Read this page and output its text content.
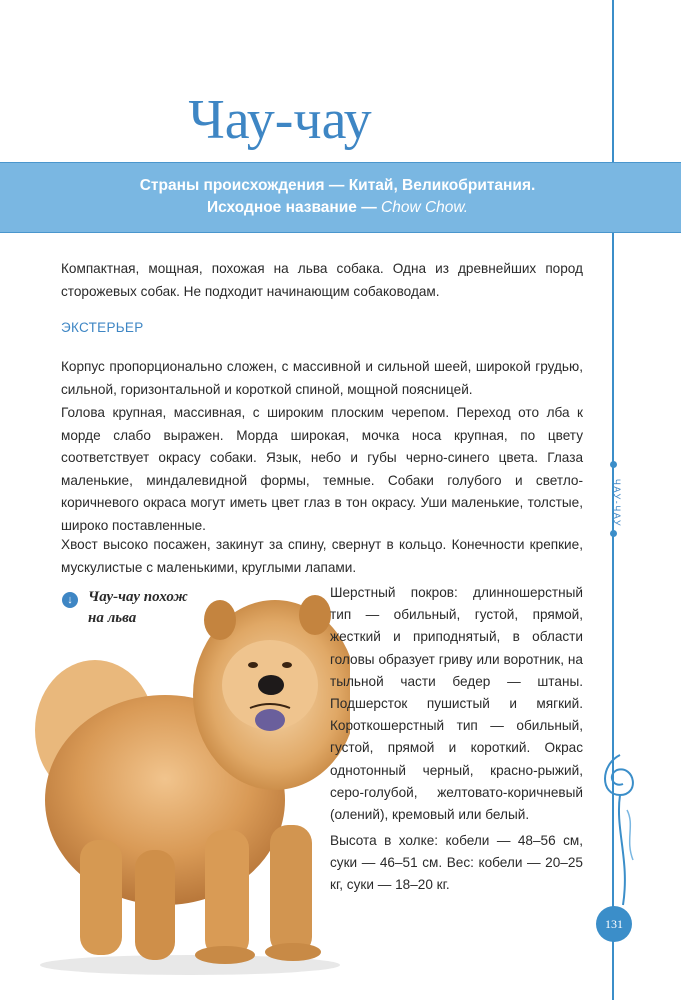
Чау-чау
Страны происхождения — Китай, Великобритания.
Исходное название — Chow Chow.

Компактная, мощная, похожая на льва собака. Одна из древнейших пород сторожевых собак. Не подходит начинающим собаководам.

ЭКСТЕРЬЕР

Корпус пропорционально сложен, с массивной и сильной шеей, широкой грудью, сильной, горизонтальной и короткой спиной, мощной поясницей.

Голова крупная, массивная, с широким плоским черепом. Переход ото лба к морде слабо выражен. Морда широкая, мочка носа крупная, по цвету соответствует окрасу собаки. Язык, небо и губы черно-синего цвета. Глаза маленькие, миндалевидной формы, темные. Собаки голубого и светло-коричневого окраса могут иметь цвет глаз в тон окрасу. Уши маленькие, толстые, широко поставленные.

Хвост высоко посажен, закинут за спину, свернут в кольцо. Конечности крепкие, мускулистые с маленькими, круглыми лапами.

↓	Чау-чау похож на льва

Шерстный покров: длинношерстный тип — обильный, густой, прямой, жесткий и приподнятый, в области головы образует гриву или воротник, на тыльной части бедер — штаны. Подшерсток пушистый и мягкий. Короткошерстный тип — обильный, густой, прямой и короткий. Окрас однотонный черный, красно-рыжий, серо-голубой, желтовато-коричневый (олений), кремовый или белый.

Высота в холке: кобели — 48–56 см, суки — 46–51 см. Вес: кобели — 20–25 кг, суки — 18–20 кг.

ЧАУ-ЧАУ
131
